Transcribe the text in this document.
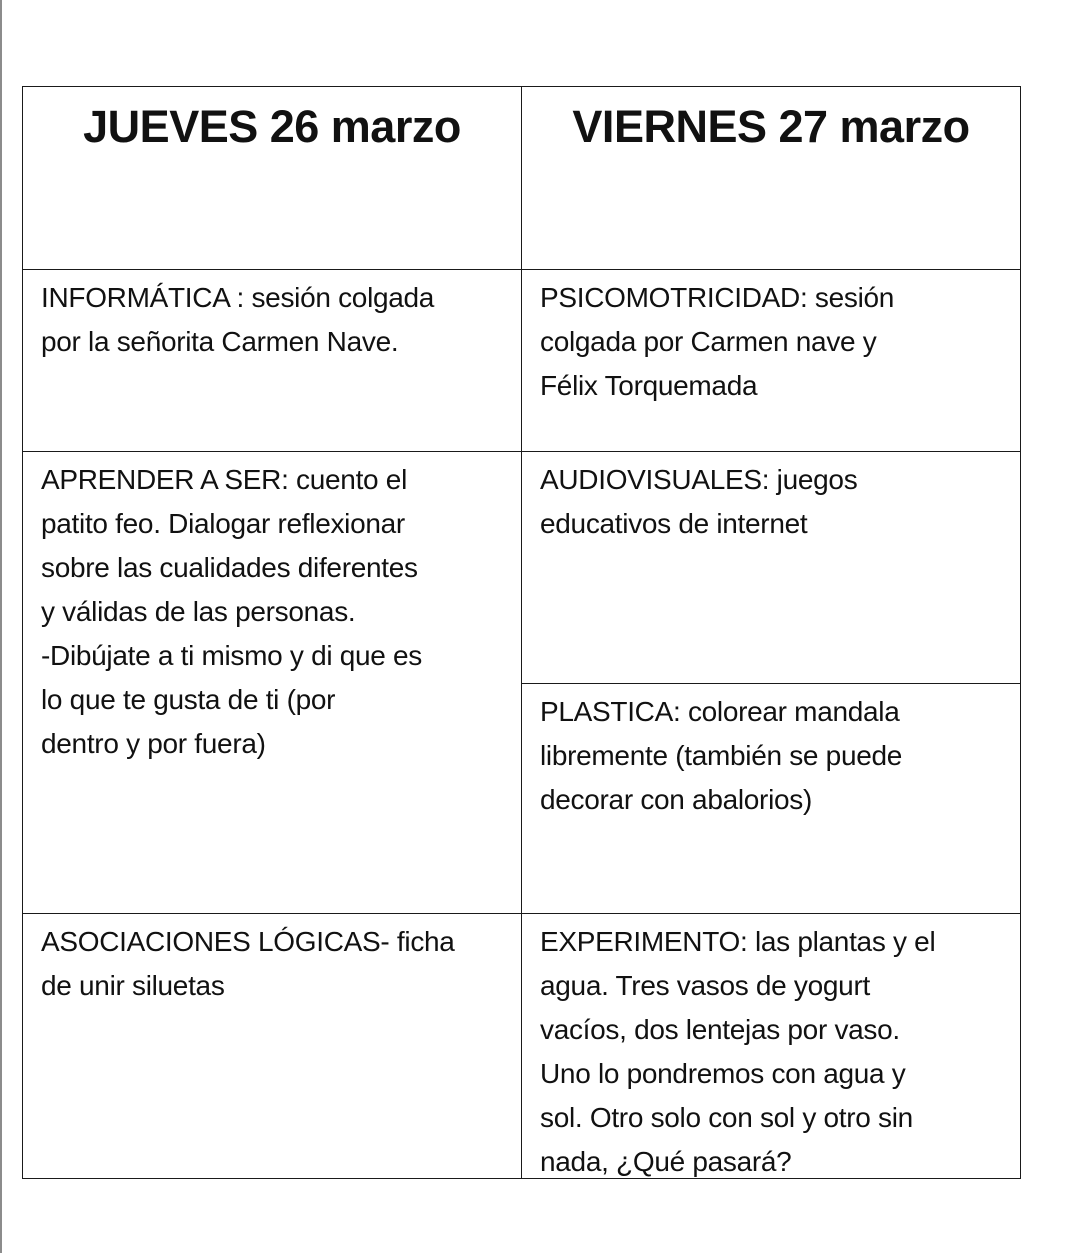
JUEVES 26 marzo
INFORMÁTICA : sesión colgada
por la señorita Carmen Nave.
APRENDER A SER: cuento el
patito feo. Dialogar reflexionar
sobre las cualidades diferentes
y válidas de las personas.
-Dibújate a ti mismo y di que es
lo que te gusta de ti (por
dentro y por fuera)
ASOCIACIONES LÓGICAS- ficha
de unir siluetas
VIERNES 27 marzo
PSICOMOTRICIDAD: sesión
colgada por Carmen nave y
Félix Torquemada
AUDIOVISUALES: juegos
educativos de internet
PLASTICA: colorear mandala
libremente (también se puede
decorar con abalorios)
EXPERIMENTO: las plantas y el
agua. Tres vasos de yogurt
vacíos, dos lentejas por vaso.
Uno lo pondremos con agua y
sol. Otro solo con sol y otro sin
nada, ¿Qué pasará?
